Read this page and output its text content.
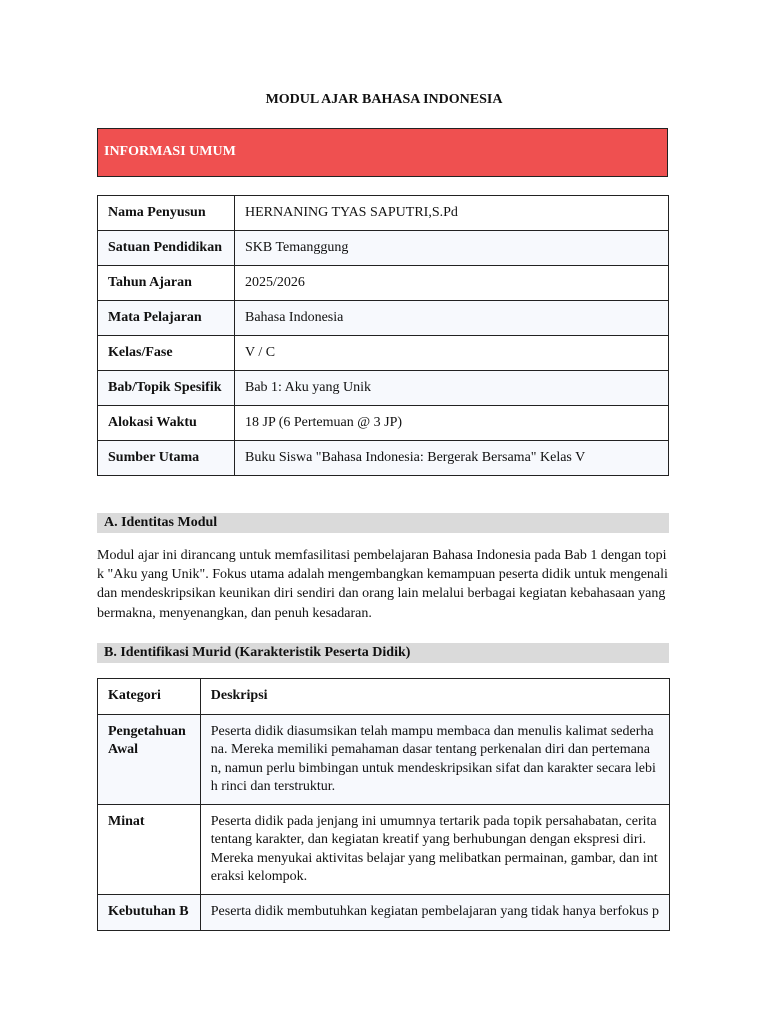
MODUL AJAR BAHASA INDONESIA
INFORMASI UMUM
Nama Penyusun	HERNANING TYAS SAPUTRI,S.Pd
Satuan Pendidikan	SKB Temanggung
Tahun Ajaran	2025/2026
Mata Pelajaran	Bahasa Indonesia
Kelas/Fase	V / C
Bab/Topik Spesifik	Bab 1: Aku yang Unik
Alokasi Waktu	18 JP (6 Pertemuan @ 3 JP)
Sumber Utama	Buku Siswa "Bahasa Indonesia: Bergerak Bersama" Kelas V
A. Identitas Modul
Modul ajar ini dirancang untuk memfasilitasi pembelajaran Bahasa Indonesia pada Bab 1 dengan topik "Aku yang Unik". Fokus utama adalah mengembangkan kemampuan peserta didik untuk mengenali dan mendeskripsikan keunikan diri sendiri dan orang lain melalui berbagai kegiatan kebahasaan yang bermakna, menyenangkan, dan penuh kesadaran.
B. Identifikasi Murid (Karakteristik Peserta Didik)
Kategori	Deskripsi
Pengetahuan Awal	Peserta didik diasumsikan telah mampu membaca dan menulis kalimat sederhana. Mereka memiliki pemahaman dasar tentang perkenalan diri dan pertemanan, namun perlu bimbingan untuk mendeskripsikan sifat dan karakter secara lebih rinci dan terstruktur.
Minat	Peserta didik pada jenjang ini umumnya tertarik pada topik persahabatan, cerita tentang karakter, dan kegiatan kreatif yang berhubungan dengan ekspresi diri. Mereka menyukai aktivitas belajar yang melibatkan permainan, gambar, dan interaksi kelompok.
Kebutuhan B	Peserta didik membutuhkan kegiatan pembelajaran yang tidak hanya berfokus p
